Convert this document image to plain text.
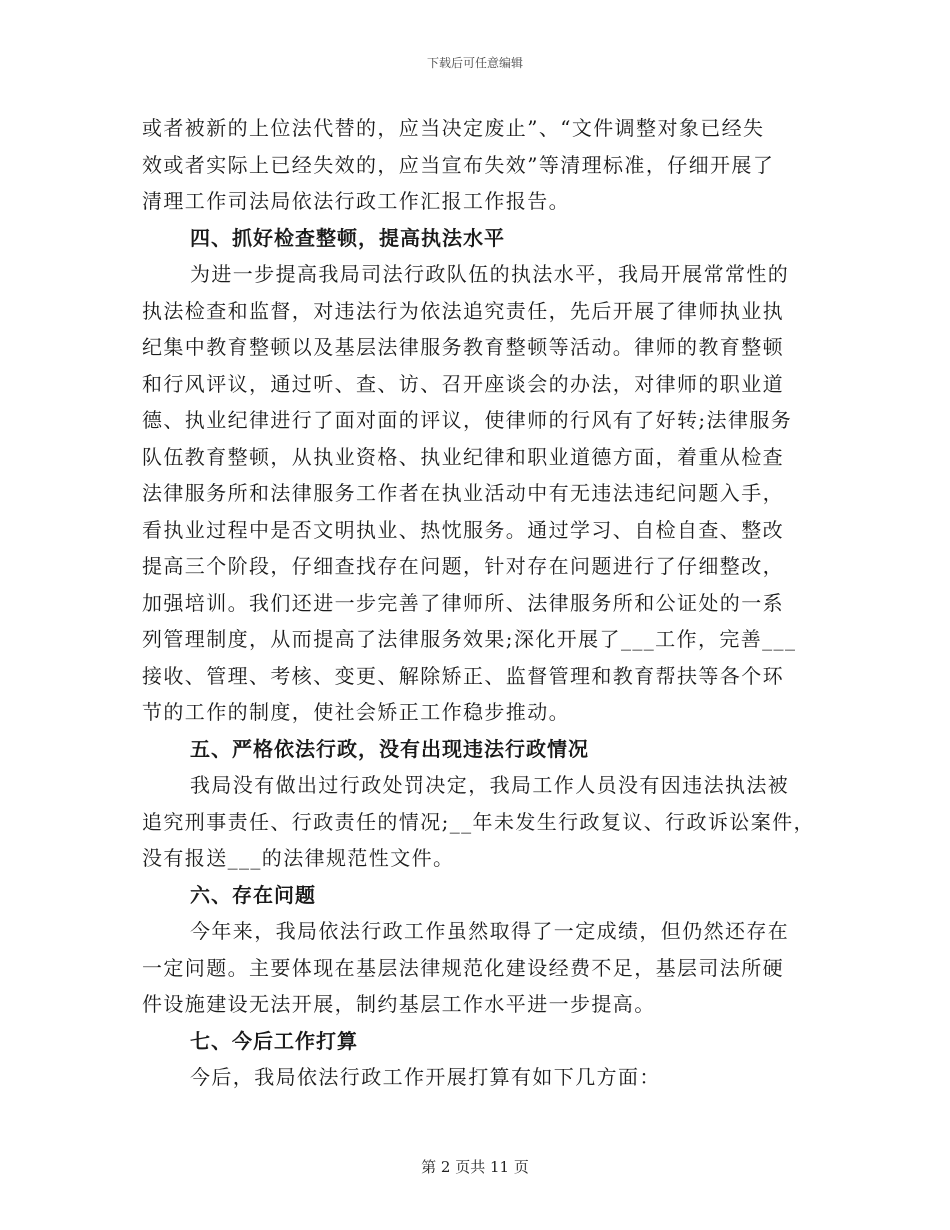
下载后可任意编辑
或者被新的上位法代替的，应当决定废止”、“文件调整对象已经失
效或者实际上已经失效的，应当宣布失效”等清理标准，仔细开展了
清理工作司法局依法行政工作汇报工作报告。
四、抓好检查整顿，提高执法水平
为进一步提高我局司法行政队伍的执法水平，我局开展常常性的
执法检查和监督，对违法行为依法追究责任，先后开展了律师执业执
纪集中教育整顿以及基层法律服务教育整顿等活动。律师的教育整顿
和行风评议，通过听、查、访、召开座谈会的办法，对律师的职业道
德、执业纪律进行了面对面的评议，使律师的行风有了好转;法律服务
队伍教育整顿，从执业资格、执业纪律和职业道德方面，着重从检查
法律服务所和法律服务工作者在执业活动中有无违法违纪问题入手，
看执业过程中是否文明执业、热忱服务。通过学习、自检自查、整改
提高三个阶段，仔细查找存在问题，针对存在问题进行了仔细整改，
加强培训。我们还进一步完善了律师所、法律服务所和公证处的一系
列管理制度，从而提高了法律服务效果;深化开展了___工作，完善___
接收、管理、考核、变更、解除矫正、监督管理和教育帮扶等各个环
节的工作的制度，使社会矫正工作稳步推动。
五、严格依法行政，没有出现违法行政情况
我局没有做出过行政处罚决定，我局工作人员没有因违法执法被
追究刑事责任、行政责任的情况;__年未发生行政复议、行政诉讼案件，
没有报送___的法律规范性文件。
六、存在问题
今年来，我局依法行政工作虽然取得了一定成绩，但仍然还存在
一定问题。主要体现在基层法律规范化建设经费不足，基层司法所硬
件设施建设无法开展，制约基层工作水平进一步提高。
七、今后工作打算
今后，我局依法行政工作开展打算有如下几方面：
第 2 页共 11 页
